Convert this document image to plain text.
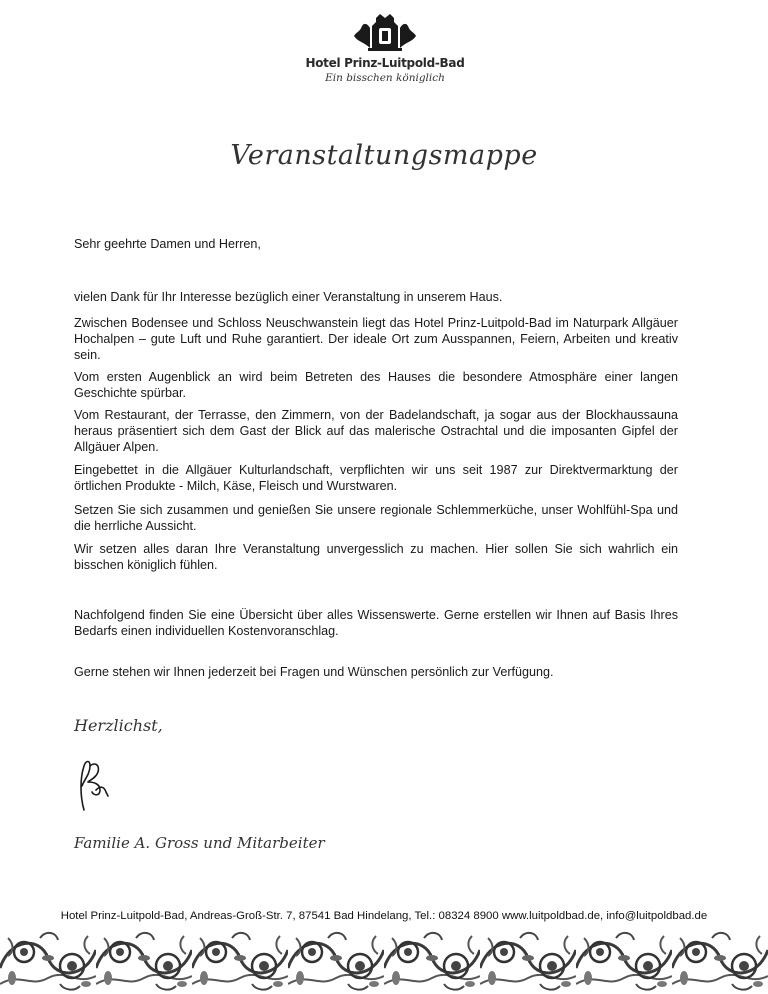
Hotel Prinz-Luitpold-Bad
Ein bisschen königlich
Veranstaltungsmappe

Sehr geehrte Damen und Herren,

vielen Dank für Ihr Interesse bezüglich einer Veranstaltung in unserem Haus.

Zwischen Bodensee und Schloss Neuschwanstein liegt das Hotel Prinz-Luitpold-Bad im Naturpark Allgäuer Hochalpen – gute Luft und Ruhe garantiert. Der ideale Ort zum Ausspannen, Feiern, Arbeiten und kreativ sein.

Vom ersten Augenblick an wird beim Betreten des Hauses die besondere Atmosphäre einer langen Geschichte spürbar.

Vom Restaurant, der Terrasse, den Zimmern, von der Badelandschaft, ja sogar aus der Blockhaussauna heraus präsentiert sich dem Gast der Blick auf das malerische Ostrachtal und die imposanten Gipfel der Allgäuer Alpen.

Eingebettet in die Allgäuer Kulturlandschaft, verpflichten wir uns seit 1987 zur Direktvermarktung der örtlichen Produkte - Milch, Käse, Fleisch und Wurstwaren.

Setzen Sie sich zusammen und genießen Sie unsere regionale Schlemmerküche, unser Wohlfühl-Spa und die herrliche Aussicht.

Wir setzen alles daran Ihre Veranstaltung unvergesslich zu machen. Hier sollen Sie sich wahrlich ein bisschen königlich fühlen.

Nachfolgend finden Sie eine Übersicht über alles Wissenswerte. Gerne erstellen wir Ihnen auf Basis Ihres Bedarfs einen individuellen Kostenvoranschlag.

Gerne stehen wir Ihnen jederzeit bei Fragen und Wünschen persönlich zur Verfügung.

Herzlichst,
Familie A. Gross und Mitarbeiter
Hotel Prinz-Luitpold-Bad, Andreas-Groß-Str. 7, 87541 Bad Hindelang, Tel.: 08324 8900 www.luitpoldbad.de, info@luitpoldbad.de
